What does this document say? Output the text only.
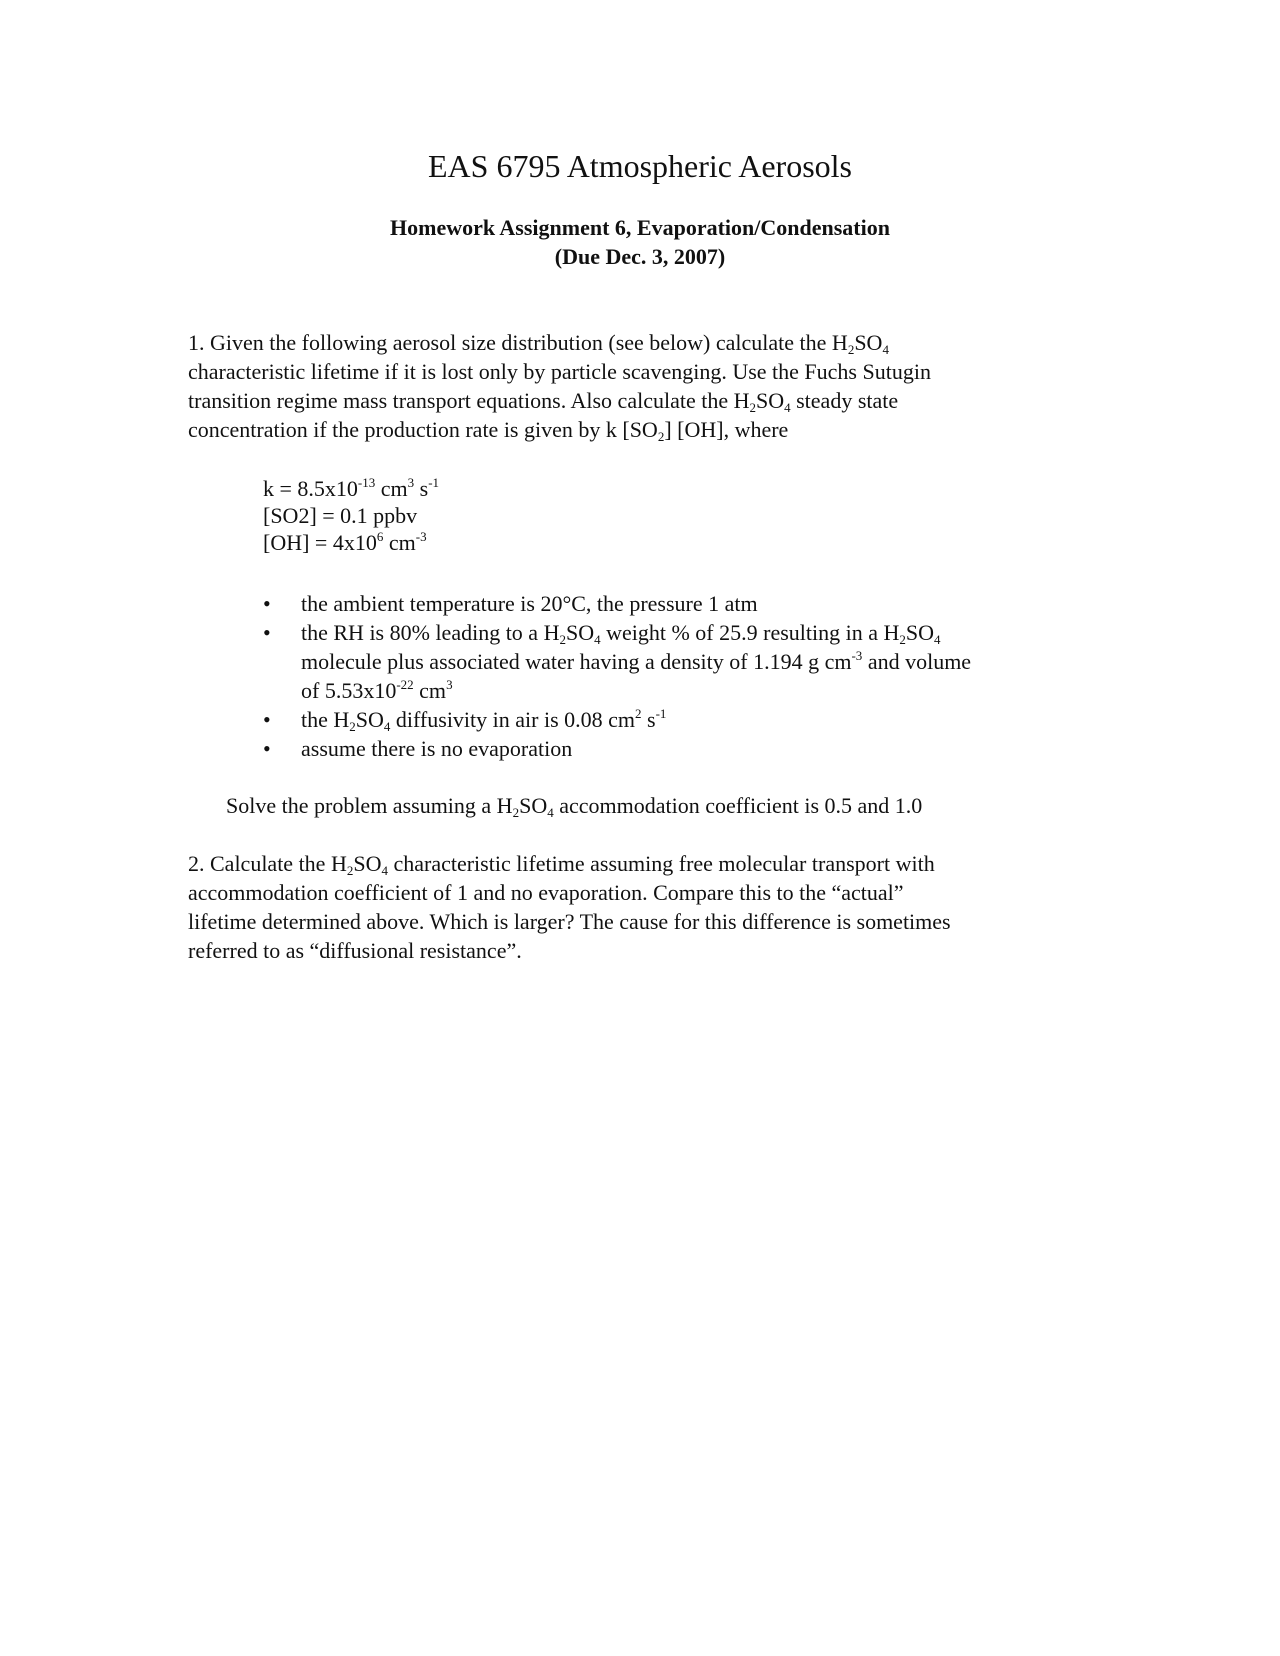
EAS 6795 Atmospheric Aerosols
Homework Assignment 6, Evaporation/Condensation
(Due Dec. 3, 2007)
1. Given the following aerosol size distribution (see below) calculate the $H_2SO_4$
characteristic lifetime if it is lost only by particle scavenging. Use the Fuchs Sutugin
transition regime mass transport equations. Also calculate the $H_2SO_4$ steady state
concentration if the production rate is given by k $[SO_2]$ [OH], where
$k = 8.5x10^{-13}$ $cm^3$ $s^{-1}$
[SO2] = 0.1 ppbv
$[OH] = 4x10^6$ $cm^{-3}$
•	the ambient temperature is 20°C, the pressure 1 atm
•	the RH is 80% leading to a $H_2SO_4$ weight % of 25.9 resulting in a $H_2SO_4$
molecule plus associated water having a density of 1.194 g $cm^{-3}$ and volume
of $5.53x10^{-22}$ $cm^3$
•	the $H_2SO_4$ diffusivity in air is 0.08 $cm^2$ $s^{-1}$
•	assume there is no evaporation
Solve the problem assuming a $H_2SO_4$ accommodation coefficient is 0.5 and 1.0
2. Calculate the $H_2SO_4$ characteristic lifetime assuming free molecular transport with
accommodation coefficient of 1 and no evaporation. Compare this to the “actual”
lifetime determined above. Which is larger? The cause for this difference is sometimes
referred to as “diffusional resistance”.
